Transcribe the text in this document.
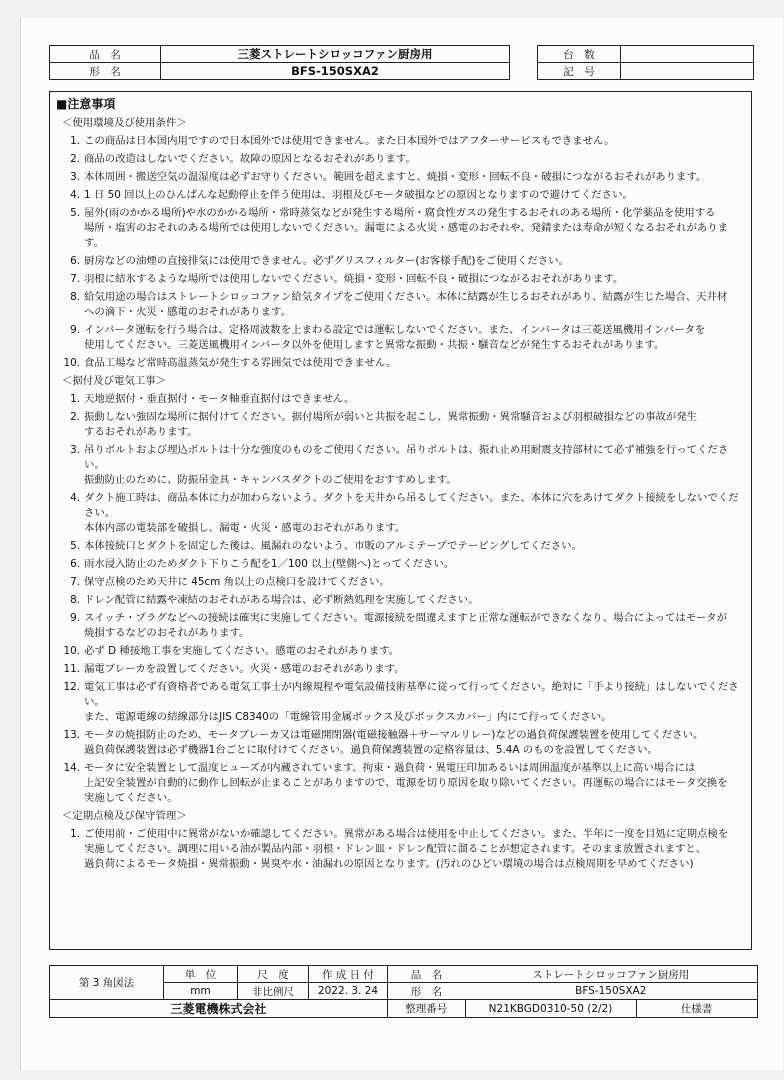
品　名	三菱ストレートシロッコファン厨房用
形　名	BFS-150SXA2
台　数	
記　号	
■注意事項
＜使用環境及び使用条件＞
1. この商品は日本国内用ですので日本国外では使用できません。また日本国外ではアフターサービスもできません。
2. 商品の改造はしないでください。故障の原因となるおそれがあります。
3. 本体周囲・搬送空気の温湿度は必ずお守りください。範囲を超えますと、焼損・変形・回転不良・破損につながるおそれがあります。
4. 1 日 50 回以上のひんぱんな起動停止を伴う使用は、羽根及びモータ破損などの原因となりますので避けてください。
5. 屋外(雨のかかる場所)や水のかかる場所・常時蒸気などが発生する場所・腐食性ガスの発生するおそれのある場所・化学薬品を使用する
場所・塩害のおそれのある場所では使用しないでください。漏電による火災・感電のおそれや、発錆または寿命が短くなるおそれがあります。
6. 厨房などの油煙の直接排気には使用できません。必ずグリスフィルター(お客様手配)をご使用ください。
7. 羽根に結氷するような場所では使用しないでください。焼損・変形・回転不良・破損につながるおそれがあります。
8. 給気用途の場合はストレートシロッコファン給気タイプをご使用ください。本体に結露が生じるおそれがあり、結露が生じた場合、天井材
への滴下・火災・感電のおそれがあります。
9. インバータ運転を行う場合は、定格周波数を上まわる設定では運転しないでください。また、インバータは三菱送風機用インバータを
使用してください。三菱送風機用インバータ以外を使用しますと異常な振動・共振・騒音などが発生するおそれがあります。
10. 食品工場など常時高温蒸気が発生する雰囲気では使用できません。
＜据付及び電気工事＞
1. 天地逆据付・垂直据付・モータ軸垂直据付はできません。
2. 振動しない強固な場所に据付けてください。据付場所が弱いと共振を起こし、異常振動・異常騒音および羽根破損などの事故が発生
するおそれがあります。
3. 吊りボルトおよび埋込ボルトは十分な強度のものをご使用ください。吊りボルトは、振れ止め用耐震支持部材にて必ず補強を行ってください。
振動防止のために、防振吊金具・キャンバスダクトのご使用をおすすめします。
4. ダクト施工時は、商品本体に力が加わらないよう、ダクトを天井から吊るしてください。また、本体に穴をあけてダクト接続をしないでください。
本体内部の電装部を破損し、漏電・火災・感電のおそれがあります。
5. 本体接続口とダクトを固定した後は、風漏れのないよう、市販のアルミテープでテーピングしてください。
6. 雨水浸入防止のためダクト下りこう配を1／100 以上(壁側へ)とってください。
7. 保守点検のため天井に 45cm 角以上の点検口を設けてください。
8. ドレン配管に結露や凍結のおそれがある場合は、必ず断熱処理を実施してください。
9. スイッチ・プラグなどへの接続は確実に実施してください。電源接続を間違えますと正常な運転ができなくなり、場合によってはモータが
焼損するなどのおそれがあります。
10. 必ず D 種接地工事を実施してください。感電のおそれがあります。
11. 漏電ブレーカを設置してください。火災・感電のおそれがあります。
12. 電気工事は必ず有資格者である電気工事士が内線規程や電気設備技術基準に従って行ってください。絶対に「手より接続」はしないでください。
また、電源電線の結線部分はJIS C8340の「電線管用金属ボックス及びボックスカバー」内にて行ってください。
13. モータの焼損防止のため、モータブレーカ又は電磁開閉器(電磁接触器＋サーマルリレー)などの過負荷保護装置を使用してください。
過負荷保護装置は必ず機器1台ごとに取付けてください。過負荷保護装置の定格容量は、5.4A のものを設置してください。
14. モータに安全装置として温度ヒューズが内蔵されています。拘束・過負荷・異電圧印加あるいは周囲温度が基準以上に高い場合には
上記安全装置が自動的に動作し回転が止まることがありますので、電源を切り原因を取り除いてください。再運転の場合にはモータ交換を
実施してください。
＜定期点検及び保守管理＞
1. ご使用前・ご使用中に異常がないか確認してください。異常がある場合は使用を中止してください。また、半年に一度を目処に定期点検を
実施してください。調理に用いる油が製品内部・羽根・ドレン皿・ドレン配管に溜ることが想定されます。そのまま放置されますと、
過負荷によるモータ焼損・異常振動・異臭や水・油漏れの原因となります。(汚れのひどい環境の場合は点検周期を早めてください)
第 3 角図法	単　位	尺　度	作 成 日 付	品　名	ストレートシロッコファン厨房用	
	mm	非比例尺	2022. 3. 24	形　名	BFS-150SXA2	
三菱電機株式会社				整理番号	N21KBGD0310-50 (2/2)	仕様書
